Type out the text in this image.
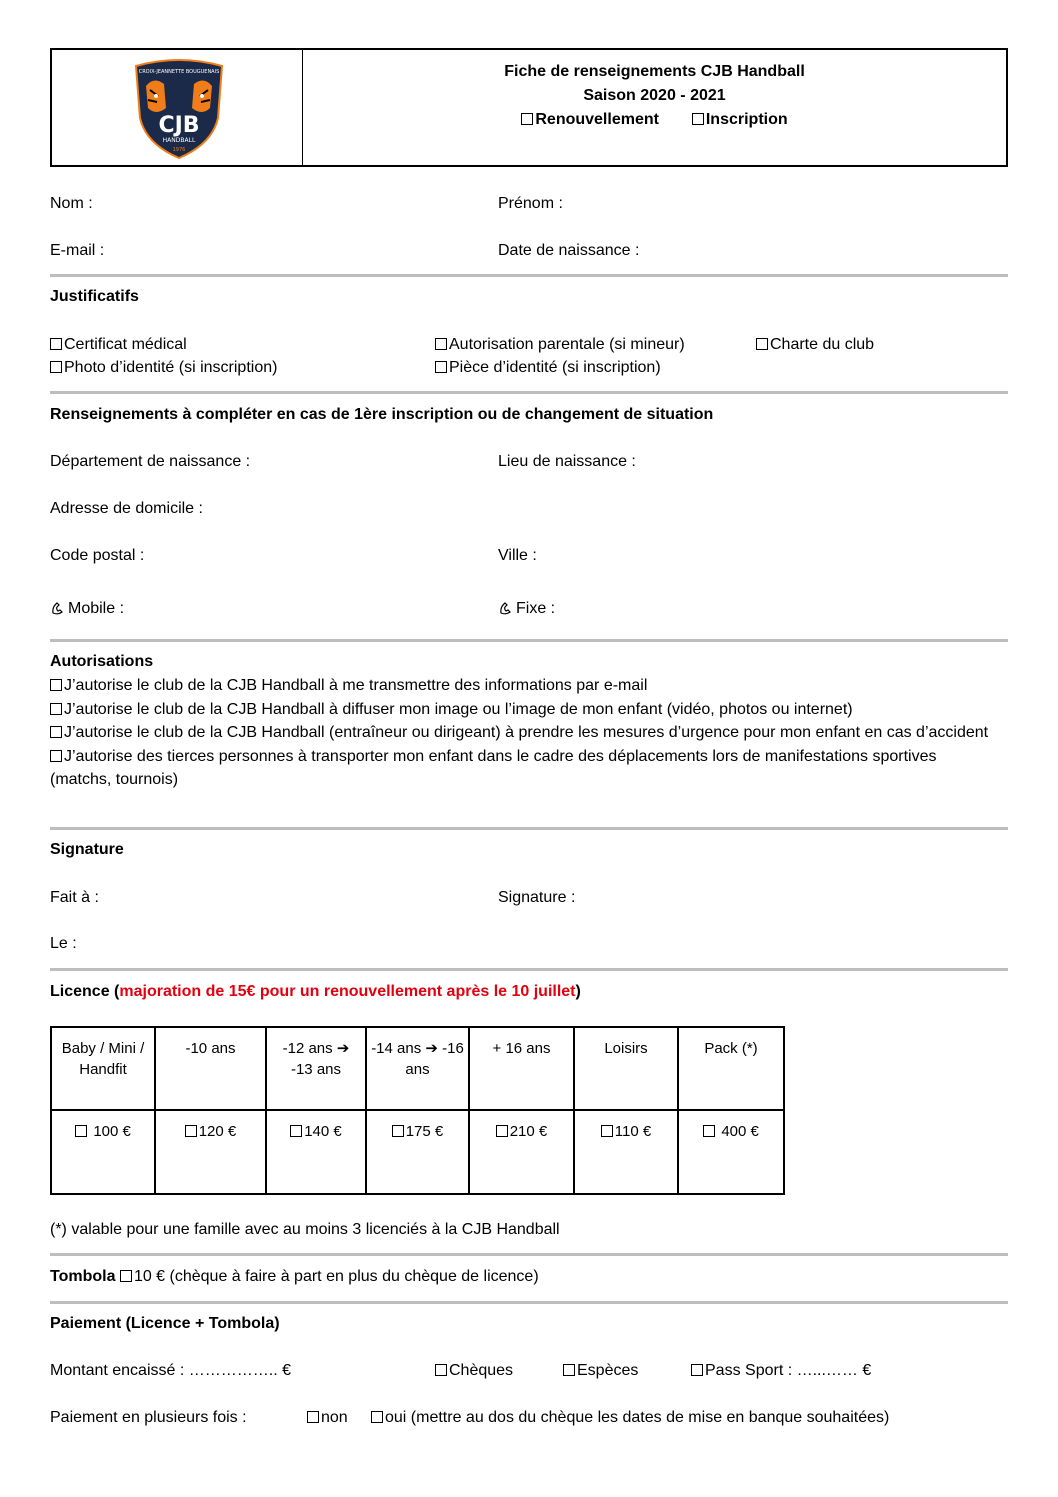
CROIX-JEANNETTE BOUGUENAIS
CJB
HANDBALL
1976
Fiche de renseignements CJB Handball
Saison 2020 - 2021
Renouvellement	Inscription
Nom :	Prénom :
E-mail :	Date de naissance :
Justificatifs
Certificat médical	Autorisation parentale (si mineur)	Charte du club
Photo d’identité (si inscription)	Pièce d’identité (si inscription)
Renseignements à compléter en cas de 1ère inscription ou de changement de situation
Département de naissance :	Lieu de naissance :
Adresse de domicile :
Code postal :	Ville :
Mobile :	Fixe :
Autorisations
J’autorise le club de la CJB Handball à me transmettre des informations par e-mail
J’autorise le club de la CJB Handball à diffuser mon image ou l’image de mon enfant (vidéo, photos ou internet)
J’autorise le club de la CJB Handball (entraîneur ou dirigeant) à prendre les mesures d’urgence pour mon enfant en cas d’accident
J’autorise des tierces personnes à transporter mon enfant dans le cadre des déplacements lors de manifestations sportives (matchs, tournois)
Signature
Fait à :	Signature :
Le :
Licence (majoration de 15€ pour un renouvellement après le 10 juillet)
Baby / Mini / Handfit	-10 ans	-12 ans ➔ -13 ans	-14 ans ➔ -16 ans	+ 16 ans	Loisirs	Pack (*)
100 €	120 €	140 €	175 €	210 €	110 €	400 €
(*) valable pour une famille avec au moins 3 licenciés à la CJB Handball
Tombola 10 € (chèque à faire à part en plus du chèque de licence)
Paiement (Licence + Tombola)
Montant encaissé : …………….. €	Chèques	Espèces	Pass Sport : …...…… €
Paiement en plusieurs fois :	non	oui (mettre au dos du chèque les dates de mise en banque souhaitées)
